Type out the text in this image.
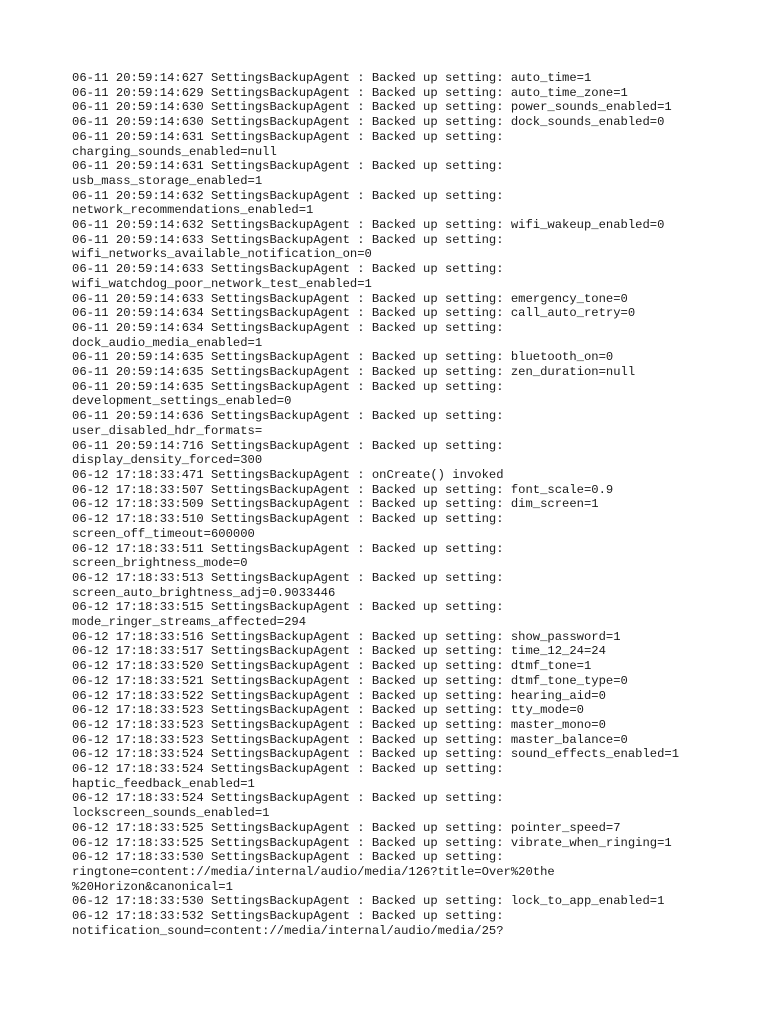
06-11 20:59:14:627 SettingsBackupAgent : Backed up setting: auto_time=1
06-11 20:59:14:629 SettingsBackupAgent : Backed up setting: auto_time_zone=1
06-11 20:59:14:630 SettingsBackupAgent : Backed up setting: power_sounds_enabled=1
06-11 20:59:14:630 SettingsBackupAgent : Backed up setting: dock_sounds_enabled=0
06-11 20:59:14:631 SettingsBackupAgent : Backed up setting:
charging_sounds_enabled=null
06-11 20:59:14:631 SettingsBackupAgent : Backed up setting:
usb_mass_storage_enabled=1
06-11 20:59:14:632 SettingsBackupAgent : Backed up setting:
network_recommendations_enabled=1
06-11 20:59:14:632 SettingsBackupAgent : Backed up setting: wifi_wakeup_enabled=0
06-11 20:59:14:633 SettingsBackupAgent : Backed up setting:
wifi_networks_available_notification_on=0
06-11 20:59:14:633 SettingsBackupAgent : Backed up setting:
wifi_watchdog_poor_network_test_enabled=1
06-11 20:59:14:633 SettingsBackupAgent : Backed up setting: emergency_tone=0
06-11 20:59:14:634 SettingsBackupAgent : Backed up setting: call_auto_retry=0
06-11 20:59:14:634 SettingsBackupAgent : Backed up setting:
dock_audio_media_enabled=1
06-11 20:59:14:635 SettingsBackupAgent : Backed up setting: bluetooth_on=0
06-11 20:59:14:635 SettingsBackupAgent : Backed up setting: zen_duration=null
06-11 20:59:14:635 SettingsBackupAgent : Backed up setting:
development_settings_enabled=0
06-11 20:59:14:636 SettingsBackupAgent : Backed up setting:
user_disabled_hdr_formats=
06-11 20:59:14:716 SettingsBackupAgent : Backed up setting:
display_density_forced=300
06-12 17:18:33:471 SettingsBackupAgent : onCreate() invoked
06-12 17:18:33:507 SettingsBackupAgent : Backed up setting: font_scale=0.9
06-12 17:18:33:509 SettingsBackupAgent : Backed up setting: dim_screen=1
06-12 17:18:33:510 SettingsBackupAgent : Backed up setting:
screen_off_timeout=600000
06-12 17:18:33:511 SettingsBackupAgent : Backed up setting:
screen_brightness_mode=0
06-12 17:18:33:513 SettingsBackupAgent : Backed up setting:
screen_auto_brightness_adj=0.9033446
06-12 17:18:33:515 SettingsBackupAgent : Backed up setting:
mode_ringer_streams_affected=294
06-12 17:18:33:516 SettingsBackupAgent : Backed up setting: show_password=1
06-12 17:18:33:517 SettingsBackupAgent : Backed up setting: time_12_24=24
06-12 17:18:33:520 SettingsBackupAgent : Backed up setting: dtmf_tone=1
06-12 17:18:33:521 SettingsBackupAgent : Backed up setting: dtmf_tone_type=0
06-12 17:18:33:522 SettingsBackupAgent : Backed up setting: hearing_aid=0
06-12 17:18:33:523 SettingsBackupAgent : Backed up setting: tty_mode=0
06-12 17:18:33:523 SettingsBackupAgent : Backed up setting: master_mono=0
06-12 17:18:33:523 SettingsBackupAgent : Backed up setting: master_balance=0
06-12 17:18:33:524 SettingsBackupAgent : Backed up setting: sound_effects_enabled=1
06-12 17:18:33:524 SettingsBackupAgent : Backed up setting:
haptic_feedback_enabled=1
06-12 17:18:33:524 SettingsBackupAgent : Backed up setting:
lockscreen_sounds_enabled=1
06-12 17:18:33:525 SettingsBackupAgent : Backed up setting: pointer_speed=7
06-12 17:18:33:525 SettingsBackupAgent : Backed up setting: vibrate_when_ringing=1
06-12 17:18:33:530 SettingsBackupAgent : Backed up setting:
ringtone=content://media/internal/audio/media/126?title=Over%20the
%20Horizon&canonical=1
06-12 17:18:33:530 SettingsBackupAgent : Backed up setting: lock_to_app_enabled=1
06-12 17:18:33:532 SettingsBackupAgent : Backed up setting:
notification_sound=content://media/internal/audio/media/25?
